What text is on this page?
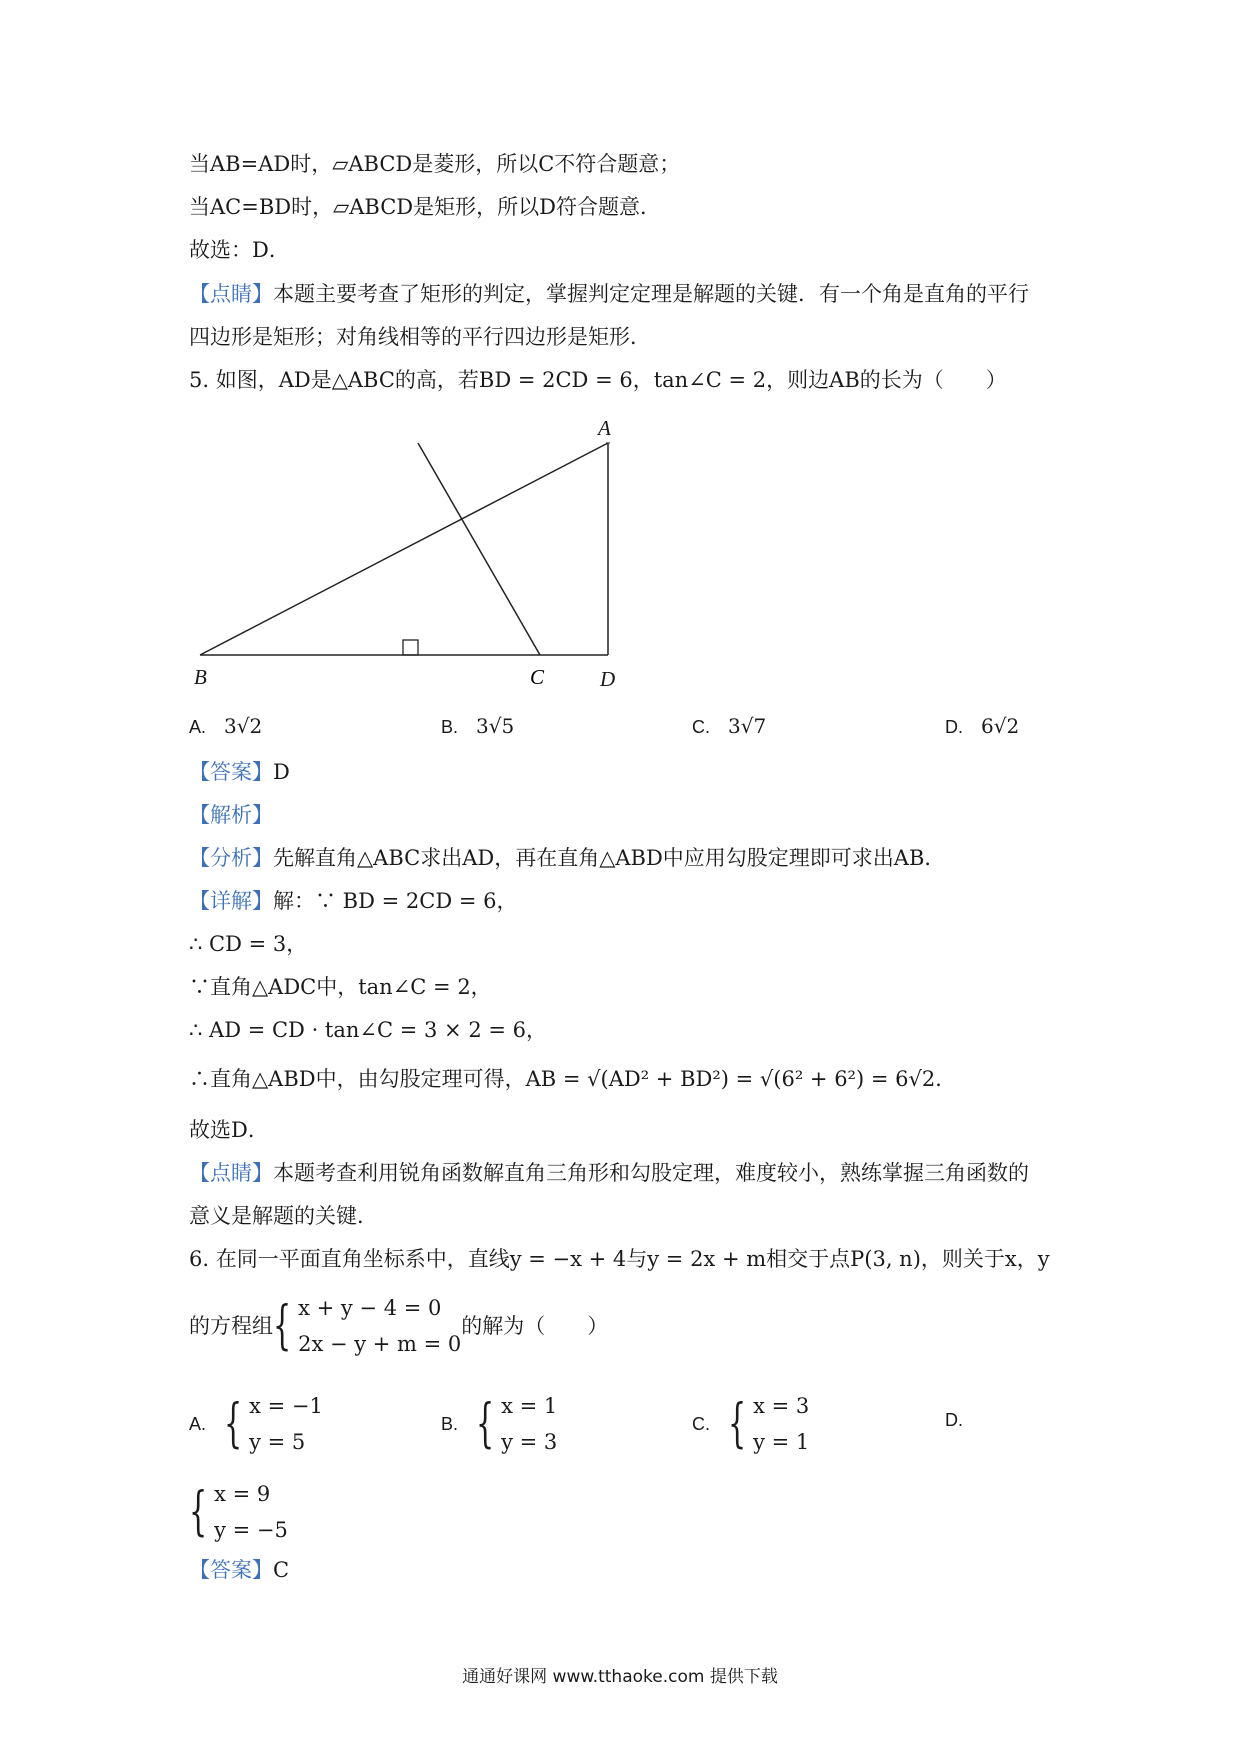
当AB=AD时，▱ABCD是菱形，所以C不符合题意；
当AC=BD时，▱ABCD是矩形，所以D符合题意．
故选：D．
【点睛】本题主要考查了矩形的判定，掌握判定定理是解题的关键．有一个角是直角的平行
四边形是矩形；对角线相等的平行四边形是矩形．
5. 如图，AD是△ABC的高，若BD = 2CD = 6，tan∠C = 2，则边AB的长为（　　）
A
B	D
C
A. 3√2	B. 3√5	C. 3√7	D. 6√2
【答案】D
【解析】
【分析】先解直角△ABC求出AD，再在直角△ABD中应用勾股定理即可求出AB．
【详解】解：∵ BD = 2CD = 6，
∴ CD = 3，
∵直角△ADC中，tan∠C = 2，
∴ AD = CD · tan∠C = 3 × 2 = 6，
∴直角△ABD中，由勾股定理可得，AB = √(AD² + BD²) = √(6² + 6²) = 6√2．
故选D．
【点睛】本题考查利用锐角函数解直角三角形和勾股定理，难度较小，熟练掌握三角函数的
意义是解题的关键．
6. 在同一平面直角坐标系中，直线y = −x + 4与y = 2x + m相交于点P(3, n)，则关于x，y
的方程组{ x + y − 4 = 0
2x − y + m = 0
的解为（　　）
A. { x = −1
y = 5
B. { x = 1
y = 3
C. { x = 3
y = 1
D.
{ x = 9
y = −5
【答案】C
通通好课网 www.tthaoke.com 提供下载
